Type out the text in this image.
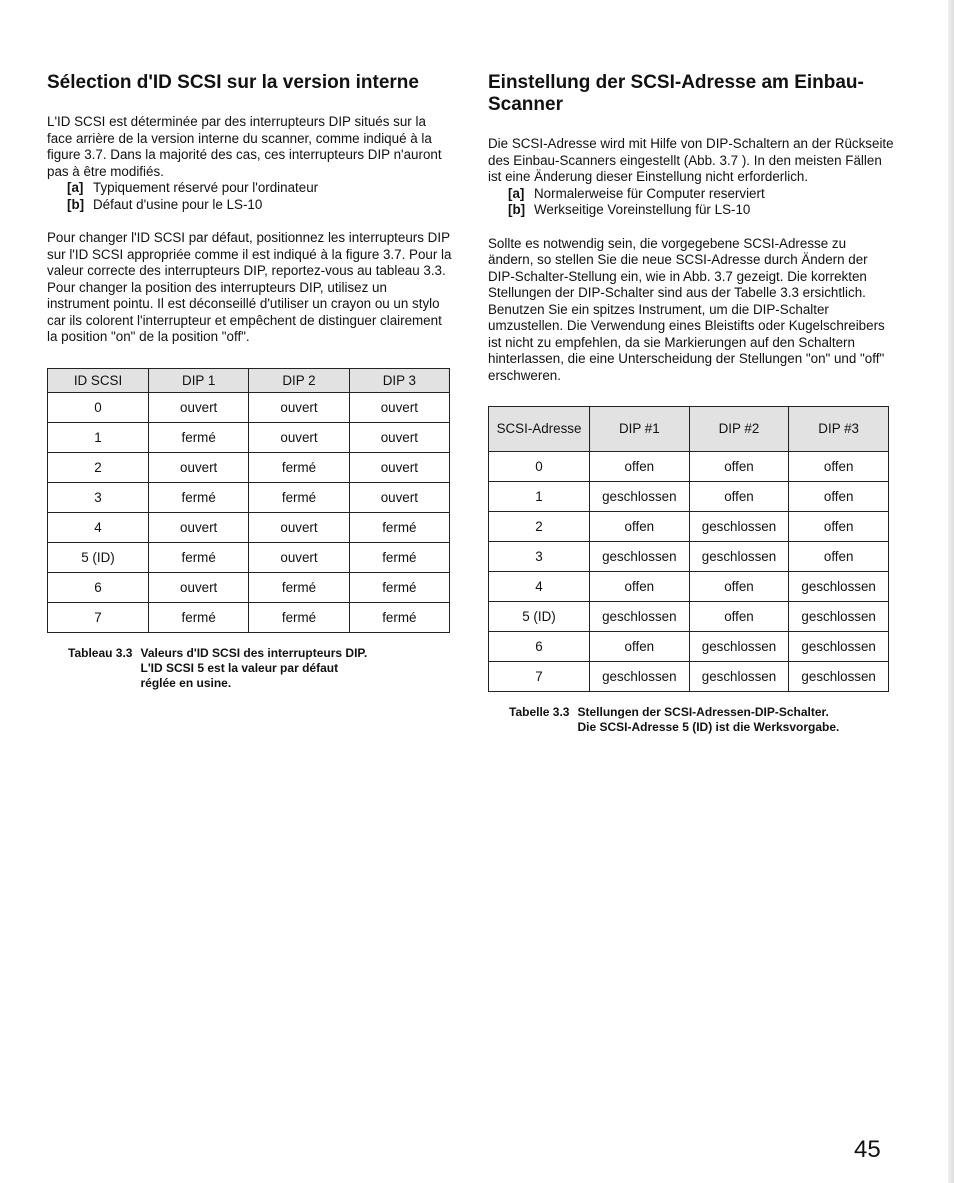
Sélection d'ID SCSI sur la version interne

L'ID SCSI est déterminée par des interrupteurs DIP situés sur la face arrière de la version interne du scanner, comme indiqué à la figure 3.7. Dans la majorité des cas, ces interrupteurs DIP n'auront pas à être modifiés.

[a] Typiquement réservé pour l'ordinateur
[b] Défaut d'usine pour le LS-10

Pour changer l'ID SCSI par défaut, positionnez les interrupteurs DIP sur l'ID SCSI appropriée comme il est indiqué à la figure 3.7. Pour la valeur correcte des interrupteurs DIP, reportez-vous au tableau 3.3. Pour changer la position des interrupteurs DIP, utilisez un instrument pointu. Il est déconseillé d'utiliser un crayon ou un stylo car ils colorent l'interrupteur et empêchent de distinguer clairement la position "on" de la position "off".

ID SCSI	DIP 1	DIP 2	DIP 3
0	ouvert	ouvert	ouvert
1	fermé	ouvert	ouvert
2	ouvert	fermé	ouvert
3	fermé	fermé	ouvert
4	ouvert	ouvert	fermé
5 (ID)	fermé	ouvert	fermé
6	ouvert	fermé	fermé
7	fermé	fermé	fermé
Tableau 3.3 Valeurs d'ID SCSI des interrupteurs DIP.
L'ID SCSI 5 est la valeur par défaut
réglée en usine.
Einstellung der SCSI-Adresse am Einbau-Scanner

Die SCSI-Adresse wird mit Hilfe von DIP-Schaltern an der Rückseite des Einbau-Scanners eingestellt (Abb. 3.7 ). In den meisten Fällen ist eine Änderung dieser Einstellung nicht erforderlich.

[a] Normalerweise für Computer reserviert
[b] Werkseitige Voreinstellung für LS-10

Sollte es notwendig sein, die vorgegebene SCSI-Adresse zu ändern, so stellen Sie die neue SCSI-Adresse durch Ändern der DIP-Schalter-Stellung ein, wie in Abb. 3.7 gezeigt. Die korrekten Stellungen der DIP-Schalter sind aus der Tabelle 3.3 ersichtlich. Benutzen Sie ein spitzes Instrument, um die DIP-Schalter umzustellen. Die Verwendung eines Bleistifts oder Kugelschreibers ist nicht zu empfehlen, da sie Markierungen auf den Schaltern hinterlassen, die eine Unterscheidung der Stellungen "on" und "off" erschweren.

SCSI-Adresse	DIP #1	DIP #2	DIP #3
0	offen	offen	offen
1	geschlossen	offen	offen
2	offen	geschlossen	offen
3	geschlossen	geschlossen	offen
4	offen	offen	geschlossen
5 (ID)	geschlossen	offen	geschlossen
6	offen	geschlossen	geschlossen
7	geschlossen	geschlossen	geschlossen
Tabelle 3.3 Stellungen der SCSI-Adressen-DIP-Schalter.
Die SCSI-Adresse 5 (ID) ist die Werksvorgabe.
45
